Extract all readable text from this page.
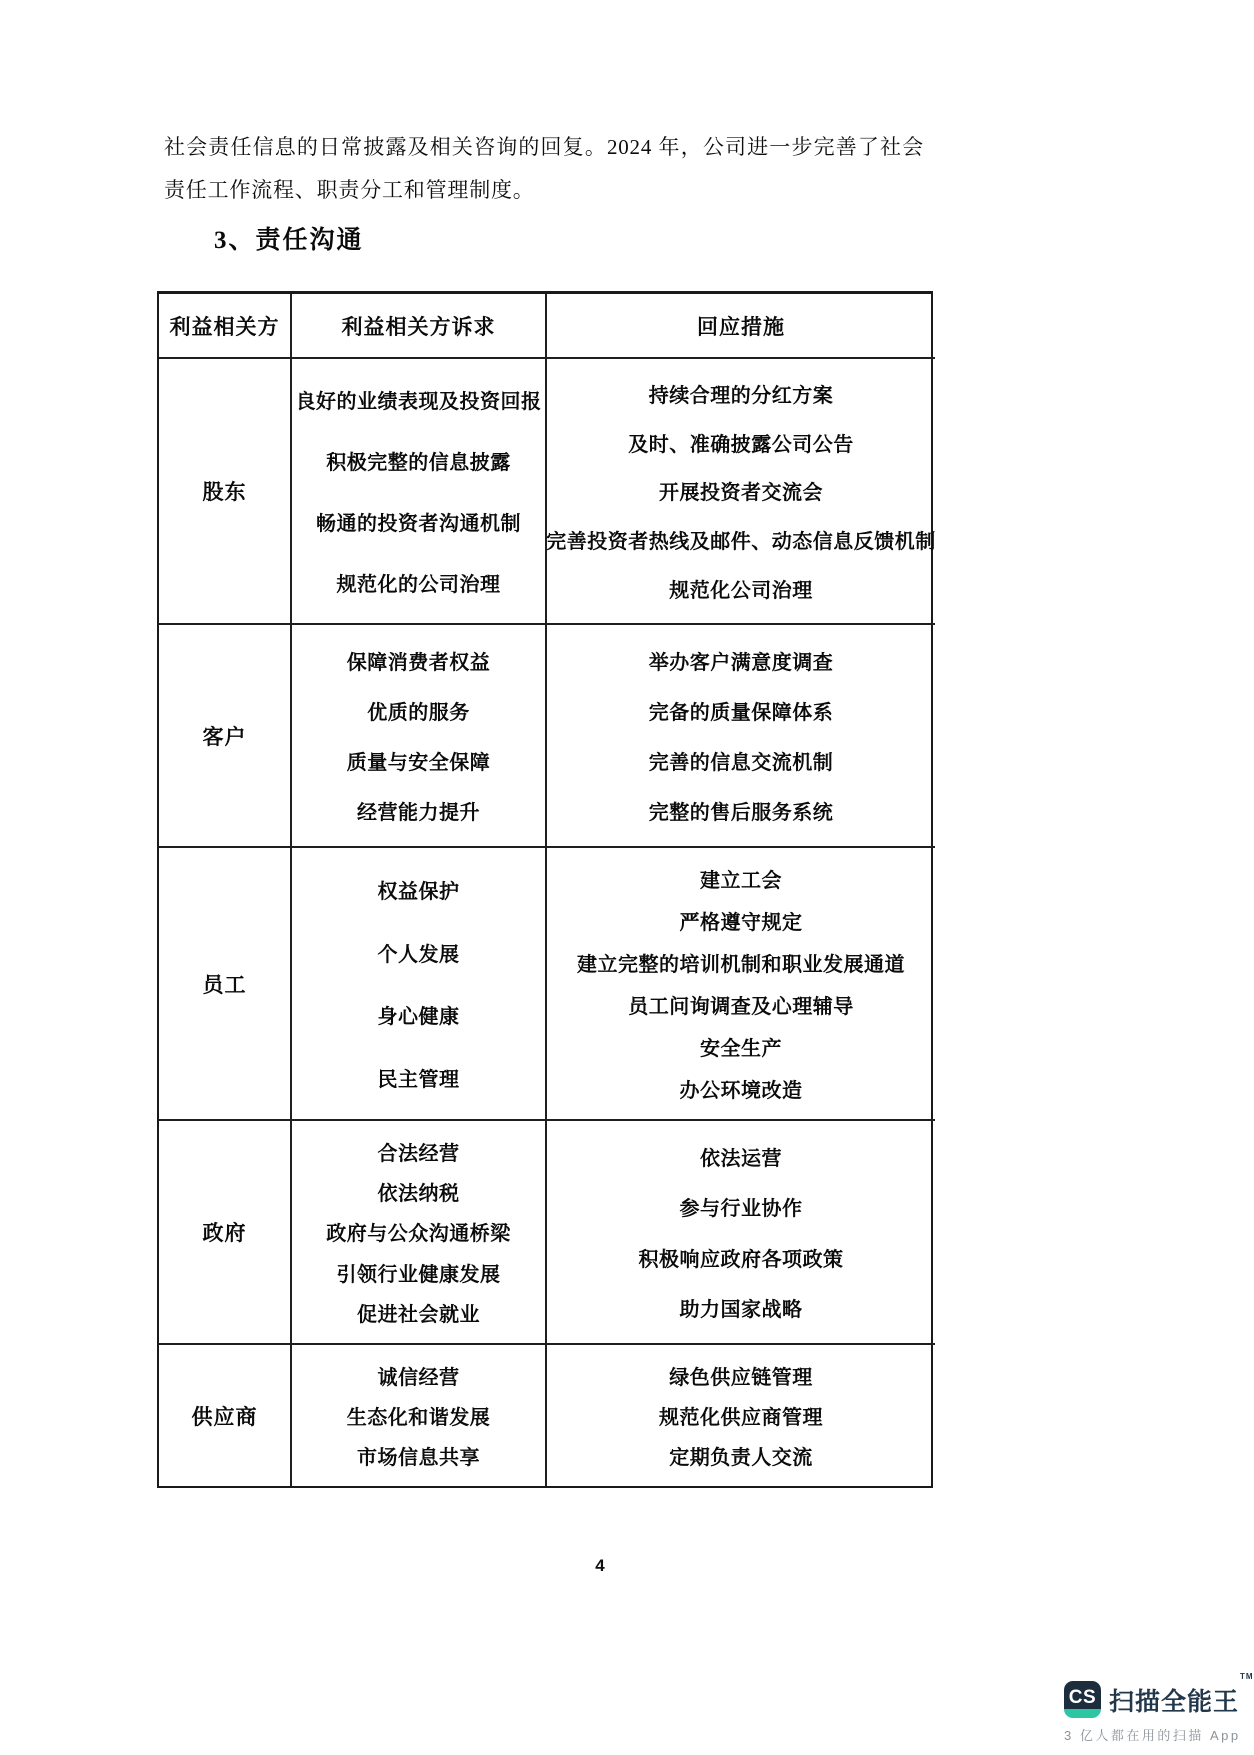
社会责任信息的日常披露及相关咨询的回复。2024 年，公司进一步完善了社会
责任工作流程、职责分工和管理制度。
3、责任沟通
利益相关方	利益相关方诉求	回应措施
股东
良好的业绩表现及投资回报
积极完整的信息披露
畅通的投资者沟通机制
规范化的公司治理
持续合理的分红方案
及时、准确披露公司公告
开展投资者交流会
完善投资者热线及邮件、动态信息反馈机制
规范化公司治理
客户
保障消费者权益
优质的服务
质量与安全保障
经营能力提升
举办客户满意度调查
完备的质量保障体系
完善的信息交流机制
完整的售后服务系统
员工
权益保护
个人发展
身心健康
民主管理
建立工会
严格遵守规定
建立完整的培训机制和职业发展通道
员工问询调查及心理辅导
安全生产
办公环境改造
政府
合法经营
依法纳税
政府与公众沟通桥梁
引领行业健康发展
促进社会就业
依法运营
参与行业协作
积极响应政府各项政策
助力国家战略
供应商
诚信经营
生态化和谐发展
市场信息共享
绿色供应链管理
规范化供应商管理
定期负责人交流
4
CS 扫描全能王™
3 亿人都在用的扫描 App
